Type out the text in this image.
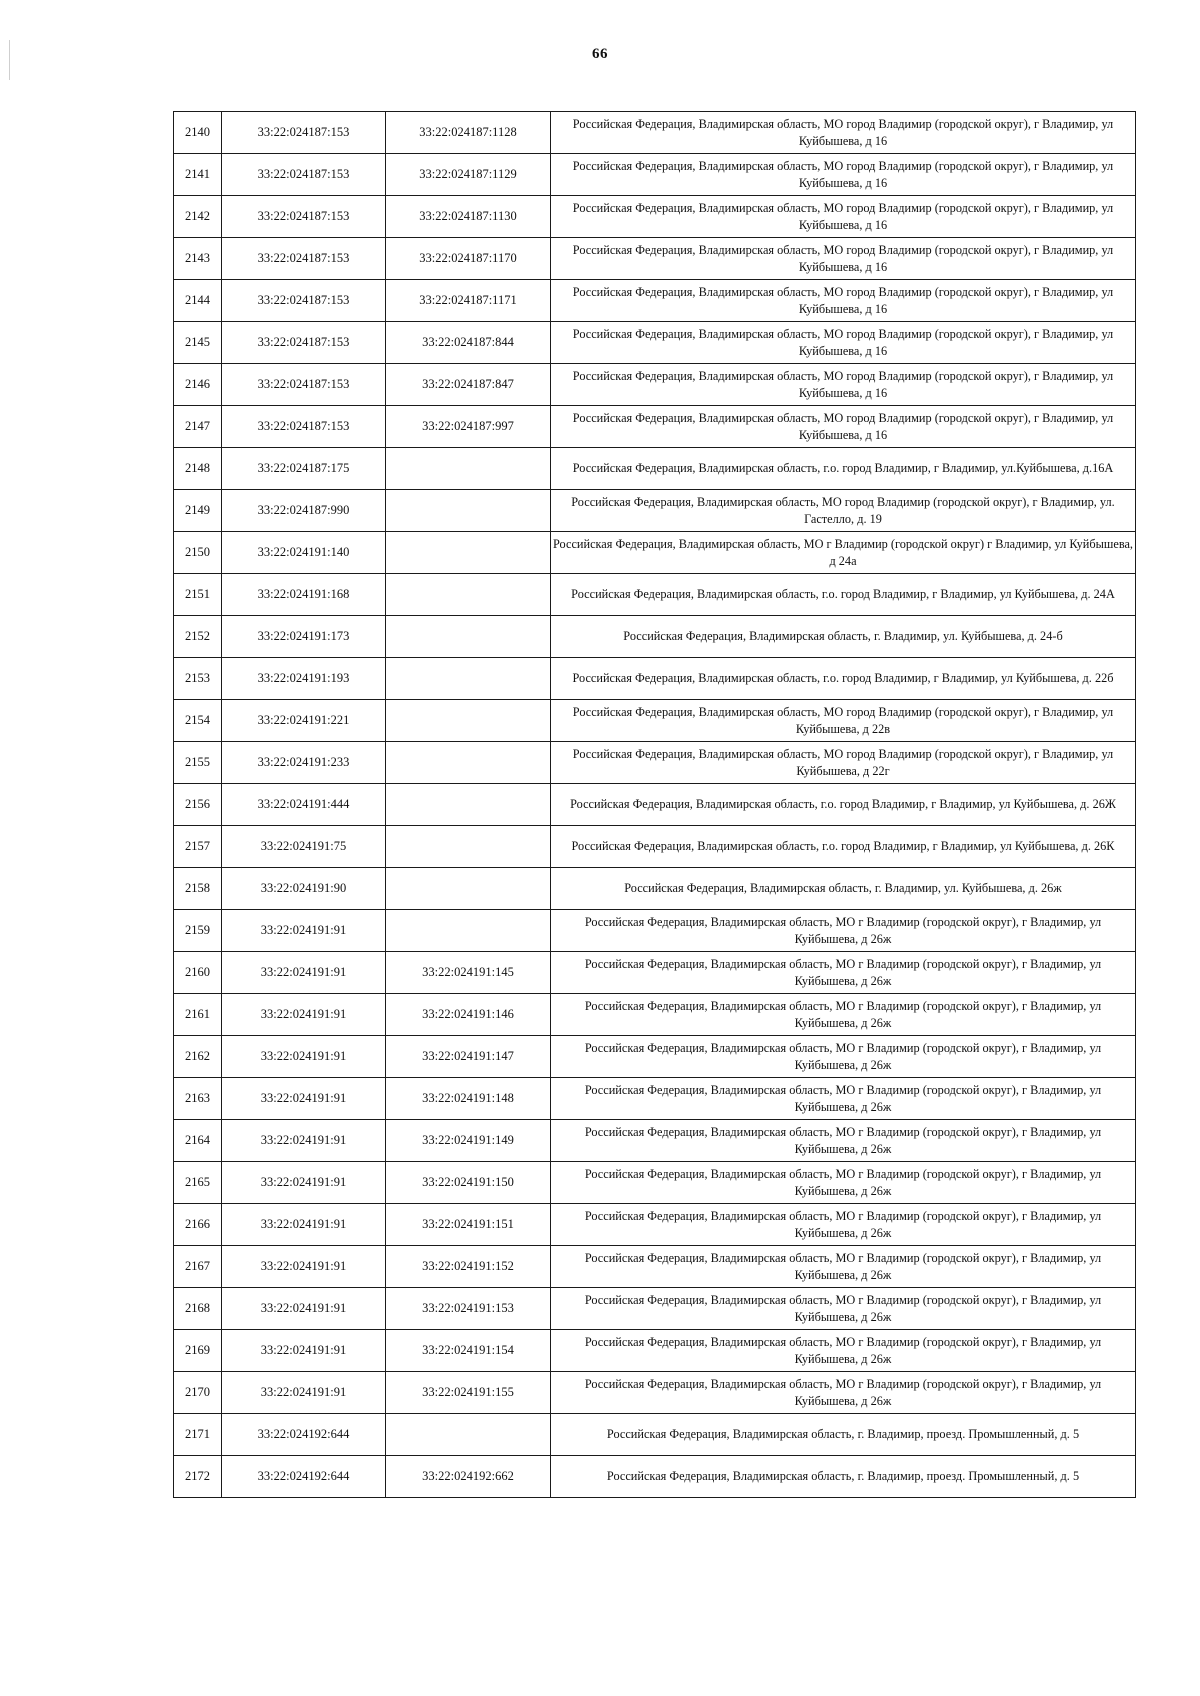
66
2140	33:22:024187:153	33:22:024187:1128	Российская Федерация, Владимирская область, МО город Владимир (городской округ), г Владимир, ул Куйбышева, д 16
2141	33:22:024187:153	33:22:024187:1129	Российская Федерация, Владимирская область, МО город Владимир (городской округ), г Владимир, ул Куйбышева, д 16
2142	33:22:024187:153	33:22:024187:1130	Российская Федерация, Владимирская область, МО город Владимир (городской округ), г Владимир, ул Куйбышева, д 16
2143	33:22:024187:153	33:22:024187:1170	Российская Федерация, Владимирская область, МО город Владимир (городской округ), г Владимир, ул Куйбышева, д 16
2144	33:22:024187:153	33:22:024187:1171	Российская Федерация, Владимирская область, МО город Владимир (городской округ), г Владимир, ул Куйбышева, д 16
2145	33:22:024187:153	33:22:024187:844	Российская Федерация, Владимирская область, МО город Владимир (городской округ), г Владимир, ул Куйбышева, д 16
2146	33:22:024187:153	33:22:024187:847	Российская Федерация, Владимирская область, МО город Владимир (городской округ), г Владимир, ул Куйбышева, д 16
2147	33:22:024187:153	33:22:024187:997	Российская Федерация, Владимирская область, МО город Владимир (городской округ), г Владимир, ул Куйбышева, д 16
2148	33:22:024187:175		Российская Федерация, Владимирская область, г.о. город Владимир, г Владимир, ул.Куйбышева, д.16А
2149	33:22:024187:990		Российская Федерация, Владимирская область, МО город Владимир (городской округ), г Владимир, ул. Гастелло, д. 19
2150	33:22:024191:140		Российская Федерация, Владимирская область, МО г Владимир (городской округ) г Владимир, ул Куйбышева, д 24а
2151	33:22:024191:168		Российская Федерация, Владимирская область, г.о. город Владимир, г Владимир, ул Куйбышева, д. 24А
2152	33:22:024191:173		Российская Федерация, Владимирская область, г. Владимир, ул. Куйбышева, д. 24-б
2153	33:22:024191:193		Российская Федерация, Владимирская область, г.о. город Владимир, г Владимир, ул Куйбышева, д. 22б
2154	33:22:024191:221		Российская Федерация, Владимирская область, МО город Владимир (городской округ), г Владимир, ул Куйбышева, д 22в
2155	33:22:024191:233		Российская Федерация, Владимирская область, МО город Владимир (городской округ), г Владимир, ул Куйбышева, д 22г
2156	33:22:024191:444		Российская Федерация, Владимирская область, г.о. город Владимир, г Владимир, ул Куйбышева, д. 26Ж
2157	33:22:024191:75		Российская Федерация, Владимирская область, г.о. город Владимир, г Владимир, ул Куйбышева, д. 26К
2158	33:22:024191:90		Российская Федерация, Владимирская область, г. Владимир, ул. Куйбышева, д. 26ж
2159	33:22:024191:91		Российская Федерация, Владимирская область, МО г Владимир (городской округ), г Владимир, ул Куйбышева, д 26ж
2160	33:22:024191:91	33:22:024191:145	Российская Федерация, Владимирская область, МО г Владимир (городской округ), г Владимир, ул Куйбышева, д 26ж
2161	33:22:024191:91	33:22:024191:146	Российская Федерация, Владимирская область, МО г Владимир (городской округ), г Владимир, ул Куйбышева, д 26ж
2162	33:22:024191:91	33:22:024191:147	Российская Федерация, Владимирская область, МО г Владимир (городской округ), г Владимир, ул Куйбышева, д 26ж
2163	33:22:024191:91	33:22:024191:148	Российская Федерация, Владимирская область, МО г Владимир (городской округ), г Владимир, ул Куйбышева, д 26ж
2164	33:22:024191:91	33:22:024191:149	Российская Федерация, Владимирская область, МО г Владимир (городской округ), г Владимир, ул Куйбышева, д 26ж
2165	33:22:024191:91	33:22:024191:150	Российская Федерация, Владимирская область, МО г Владимир (городской округ), г Владимир, ул Куйбышева, д 26ж
2166	33:22:024191:91	33:22:024191:151	Российская Федерация, Владимирская область, МО г Владимир (городской округ), г Владимир, ул Куйбышева, д 26ж
2167	33:22:024191:91	33:22:024191:152	Российская Федерация, Владимирская область, МО г Владимир (городской округ), г Владимир, ул Куйбышева, д 26ж
2168	33:22:024191:91	33:22:024191:153	Российская Федерация, Владимирская область, МО г Владимир (городской округ), г Владимир, ул Куйбышева, д 26ж
2169	33:22:024191:91	33:22:024191:154	Российская Федерация, Владимирская область, МО г Владимир (городской округ), г Владимир, ул Куйбышева, д 26ж
2170	33:22:024191:91	33:22:024191:155	Российская Федерация, Владимирская область, МО г Владимир (городской округ), г Владимир, ул Куйбышева, д 26ж
2171	33:22:024192:644		Российская Федерация, Владимирская область, г. Владимир, проезд. Промышленный, д. 5
2172	33:22:024192:644	33:22:024192:662	Российская Федерация, Владимирская область, г. Владимир, проезд. Промышленный, д. 5
